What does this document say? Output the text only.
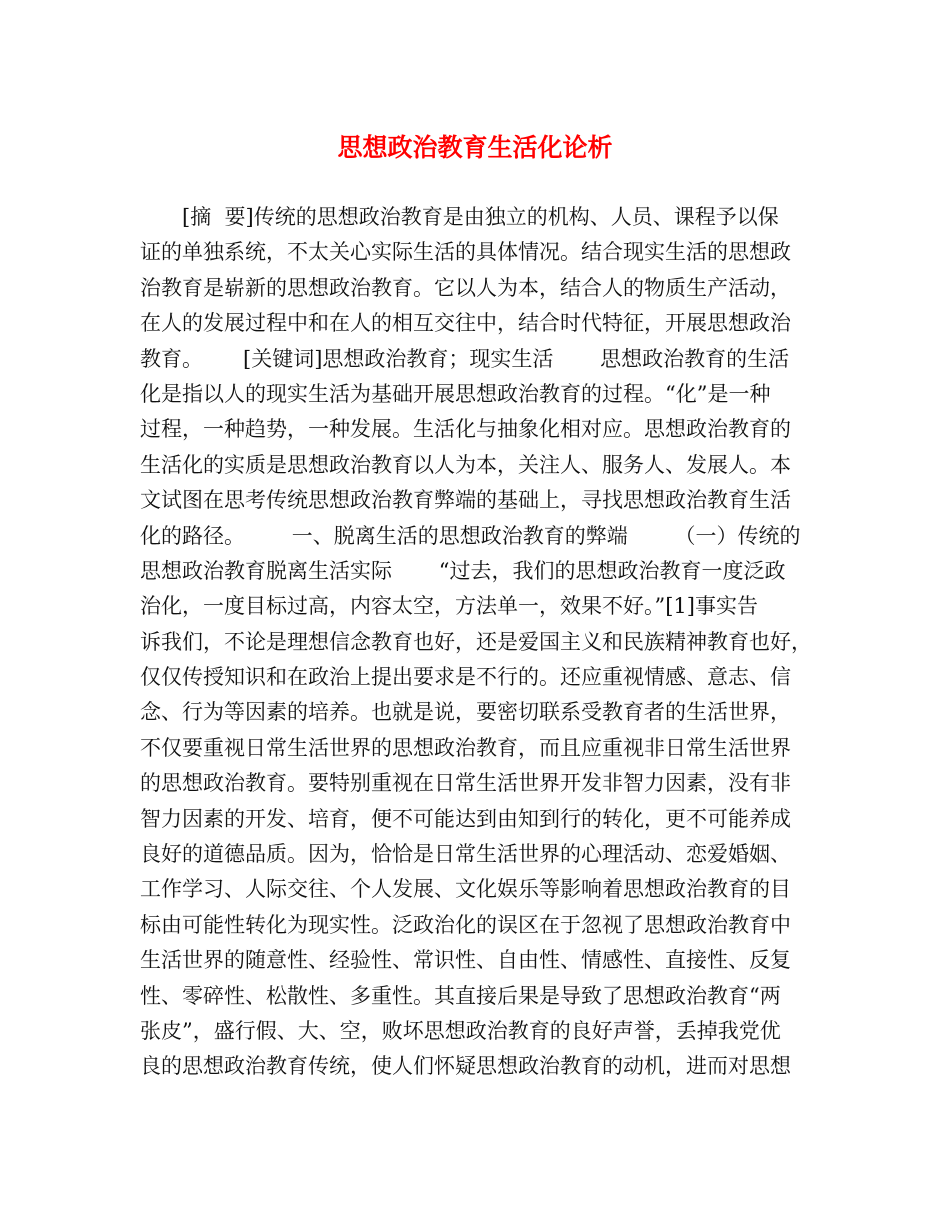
思想政治教育生活化论析
　　[摘  要]传统的思想政治教育是由独立的机构、人员、课程予以保
证的单独系统，不太关心实际生活的具体情况。结合现实生活的思想政
治教育是崭新的思想政治教育。它以人为本，结合人的物质生产活动，
在人的发展过程中和在人的相互交往中，结合时代特征，开展思想政治
教育。      [关键词]思想政治教育；现实生活       思想政治教育的生活
化是指以人的现实生活为基础开展思想政治教育的过程。“化”是一种
过程，一种趋势，一种发展。生活化与抽象化相对应。思想政治教育的
生活化的实质是思想政治教育以人为本，关注人、服务人、发展人。本
文试图在思考传统思想政治教育弊端的基础上，寻找思想政治教育生活
化的路径。       一、脱离生活的思想政治教育的弊端       （一）传统的
思想政治教育脱离生活实际       “过去，我们的思想政治教育一度泛政
治化，一度目标过高，内容太空，方法单一，效果不好。”[1]事实告
诉我们，不论是理想信念教育也好，还是爱国主义和民族精神教育也好，
仅仅传授知识和在政治上提出要求是不行的。还应重视情感、意志、信
念、行为等因素的培养。也就是说，要密切联系受教育者的生活世界，
不仅要重视日常生活世界的思想政治教育，而且应重视非日常生活世界
的思想政治教育。要特别重视在日常生活世界开发非智力因素，没有非
智力因素的开发、培育，便不可能达到由知到行的转化，更不可能养成
良好的道德品质。因为，恰恰是日常生活世界的心理活动、恋爱婚姻、
工作学习、人际交往、个人发展、文化娱乐等影响着思想政治教育的目
标由可能性转化为现实性。泛政治化的误区在于忽视了思想政治教育中
生活世界的随意性、经验性、常识性、自由性、情感性、直接性、反复
性、零碎性、松散性、多重性。其直接后果是导致了思想政治教育“两
张皮”，盛行假、大、空，败坏思想政治教育的良好声誉，丢掉我党优
良的思想政治教育传统，使人们怀疑思想政治教育的动机，进而对思想
